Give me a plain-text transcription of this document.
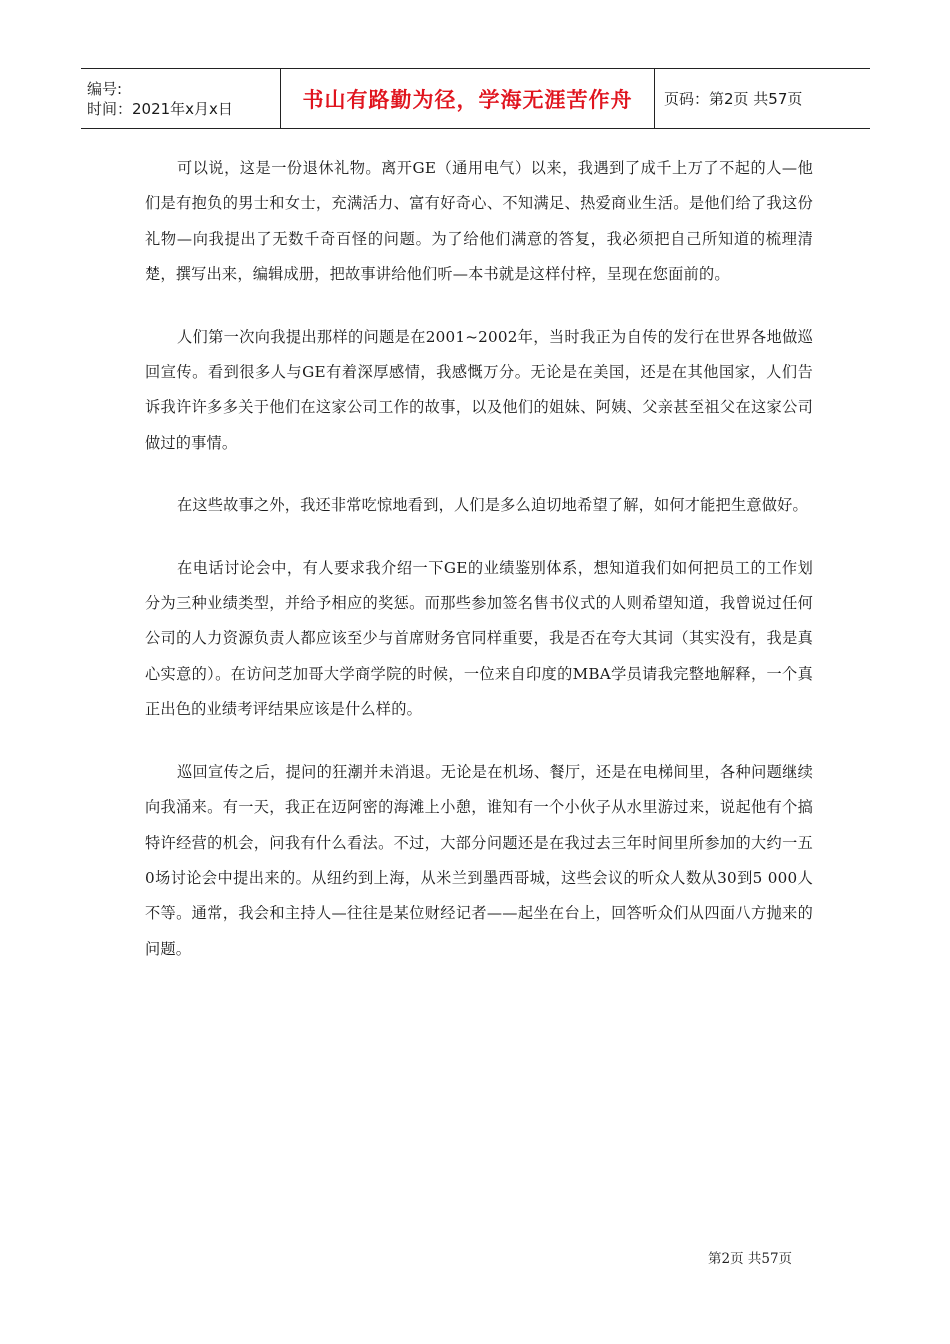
编号:
时间：2021年x月x日	书山有路勤为径，学海无涯苦作舟 页码：第2页 共57页

可以说，这是一份退休礼物。离开GE（通用电气）以来，我遇到了成千上万了不起的人—他们是有抱负的男士和女士，充满活力、富有好奇心、不知满足、热爱商业生活。是他们给了我这份礼物—向我提出了无数千奇百怪的问题。为了给他们满意的答复，我必须把自己所知道的梳理清楚，撰写出来，编辑成册，把故事讲给他们听—本书就是这样付梓，呈现在您面前的。

人们第一次向我提出那样的问题是在2001~2002年，当时我正为自传的发行在世界各地做巡回宣传。看到很多人与GE有着深厚感情，我感慨万分。无论是在美国，还是在其他国家，人们告诉我许许多多关于他们在这家公司工作的故事，以及他们的姐妹、阿姨、父亲甚至祖父在这家公司做过的事情。

在这些故事之外，我还非常吃惊地看到，人们是多么迫切地希望了解，如何才能把生意做好。

在电话讨论会中，有人要求我介绍一下GE的业绩鉴别体系，想知道我们如何把员工的工作划分为三种业绩类型，并给予相应的奖惩。而那些参加签名售书仪式的人则希望知道，我曾说过任何公司的人力资源负责人都应该至少与首席财务官同样重要，我是否在夸大其词（其实没有，我是真心实意的）。在访问芝加哥大学商学院的时候，一位来自印度的MBA学员请我完整地解释，一个真正出色的业绩考评结果应该是什么样的。

巡回宣传之后，提问的狂潮并未消退。无论是在机场、餐厅，还是在电梯间里，各种问题继续向我涌来。有一天，我正在迈阿密的海滩上小憩，谁知有一个小伙子从水里游过来，说起他有个搞特许经营的机会，问我有什么看法。不过，大部分问题还是在我过去三年时间里所参加的大约一五0场讨论会中提出来的。从纽约到上海，从米兰到墨西哥城，这些会议的听众人数从30到5 000人不等。通常，我会和主持人—往往是某位财经记者——起坐在台上，回答听众们从四面八方抛来的问题。

第2页 共57页
